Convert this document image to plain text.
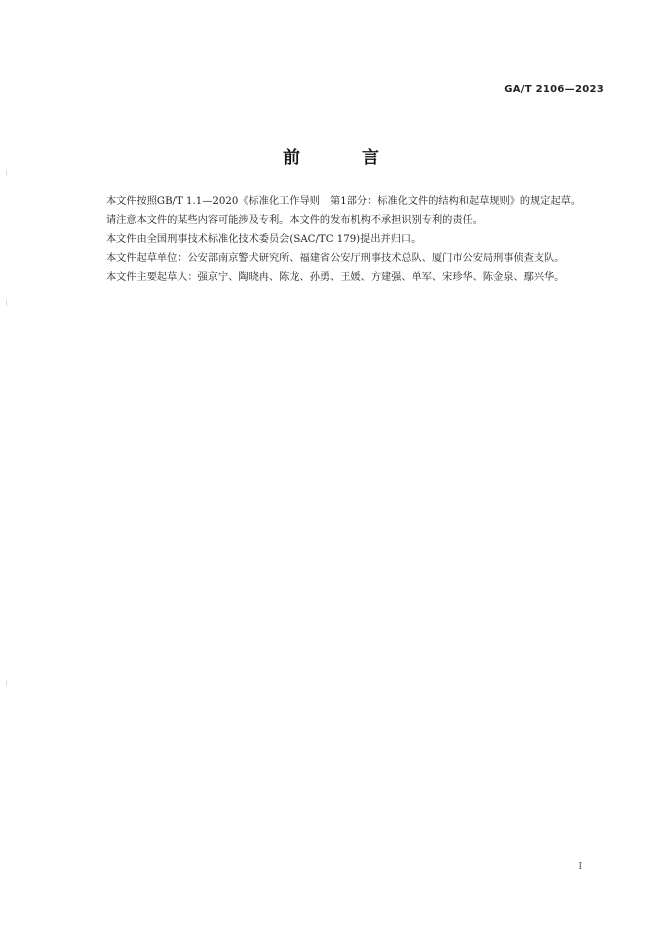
GA/T 2106—2023
前 言

本文件按照GB/T 1.1—2020《标准化工作导则　第1部分：标准化文件的结构和起草规则》的规定起草。

请注意本文件的某些内容可能涉及专利。本文件的发布机构不承担识别专利的责任。

本文件由全国刑事技术标准化技术委员会(SAC/TC 179)提出并归口。

本文件起草单位：公安部南京警犬研究所、福建省公安厅刑事技术总队、厦门市公安局刑事侦查支队。

本文件主要起草人：强京宁、陶晓冉、陈龙、孙勇、王媛、方建强、单军、宋珍华、陈金泉、鄢兴华。

I
